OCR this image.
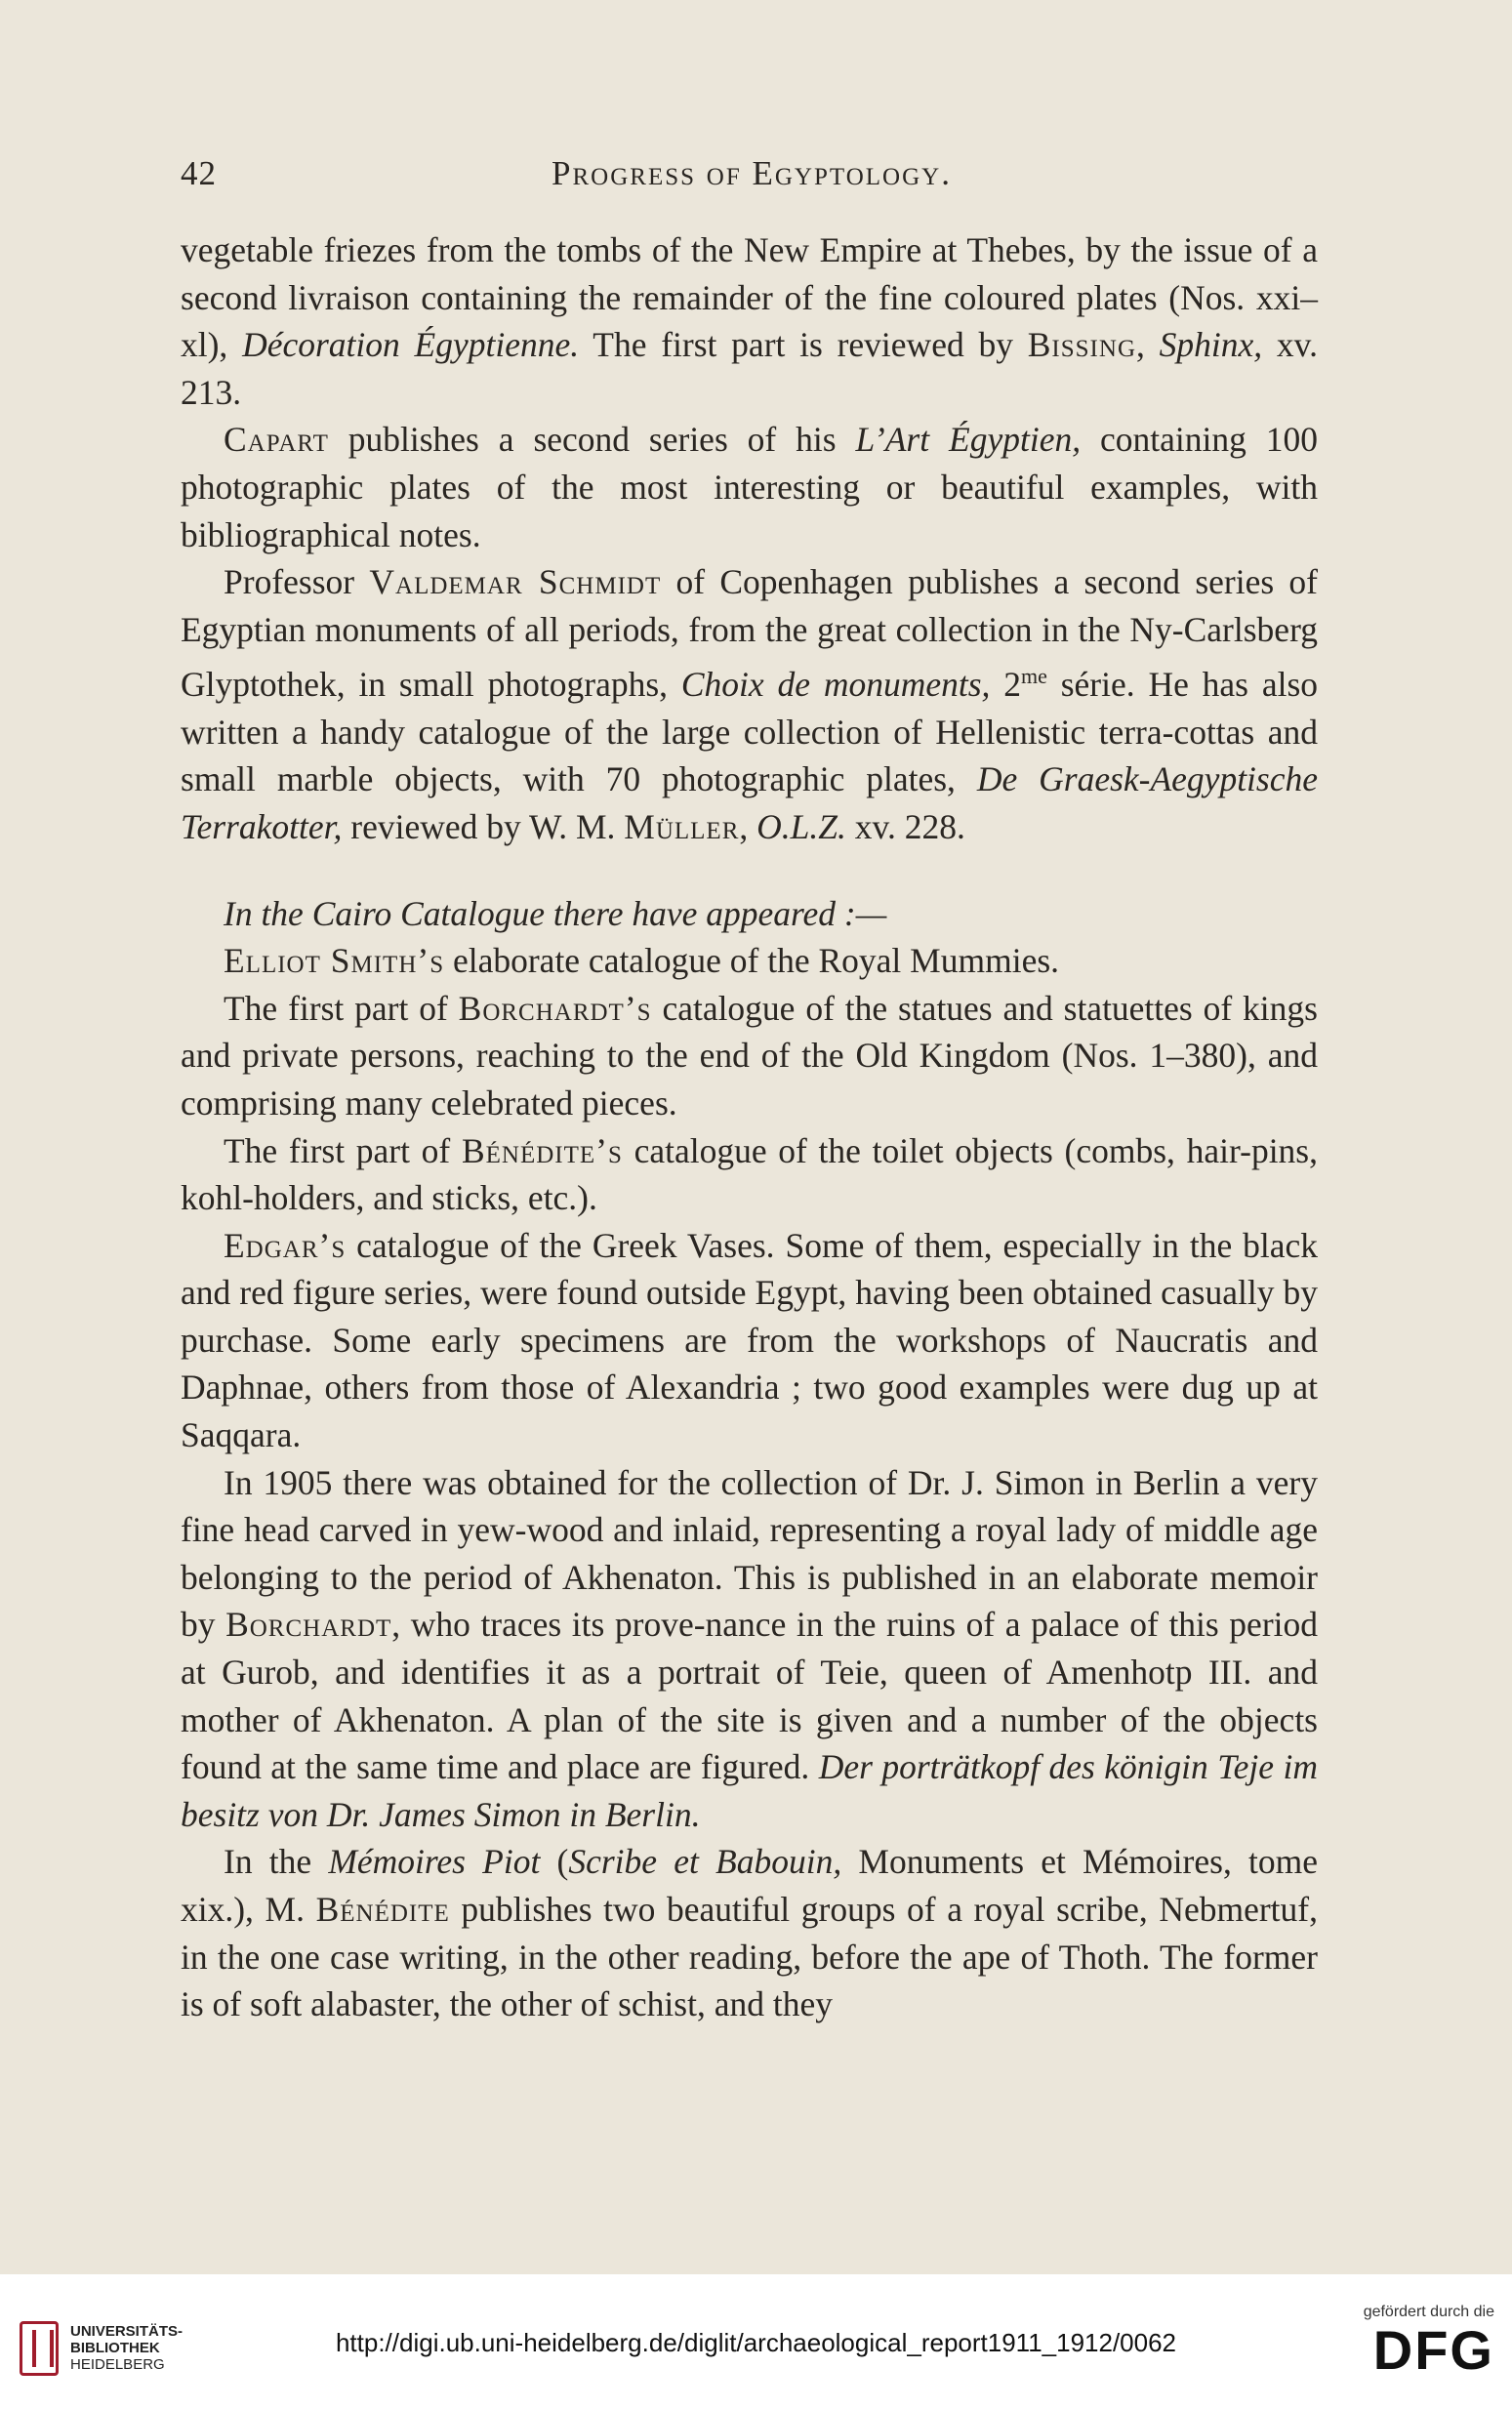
42	Progress of Egyptology.

vegetable friezes from the tombs of the New Empire at Thebes, by the issue of a second livraison containing the remainder of the fine coloured plates (Nos. xxi–xl), Décoration Égyptienne. The first part is reviewed by Bissing, Sphinx, xv. 213.

Capart publishes a second series of his L’Art Égyptien, containing 100 photographic plates of the most interesting or beautiful examples, with bibliographical notes.

Professor Valdemar Schmidt of Copenhagen publishes a second series of Egyptian monuments of all periods, from the great collection in the Ny-Carlsberg Glyptothek, in small photographs, Choix de monuments, $2^{me}$ série. He has also written a handy catalogue of the large collection of Hellenistic terra-cottas and small marble objects, with 70 photographic plates, De Graesk-Aegyptische Terrakotter, reviewed by W. M. Müller, O.L.Z. xv. 228.

In the Cairo Catalogue there have appeared :—

Elliot Smith’s elaborate catalogue of the Royal Mummies.

The first part of Borchardt’s catalogue of the statues and statuettes of kings and private persons, reaching to the end of the Old Kingdom (Nos. 1–380), and comprising many celebrated pieces.

The first part of Bénédite’s catalogue of the toilet objects (combs, hair-pins, kohl-holders, and sticks, etc.).

Edgar’s catalogue of the Greek Vases. Some of them, especially in the black and red figure series, were found outside Egypt, having been obtained casually by purchase. Some early specimens are from the workshops of Naucratis and Daphnae, others from those of Alexandria ; two good examples were dug up at Saqqara.

In 1905 there was obtained for the collection of Dr. J. Simon in Berlin a very fine head carved in yew-wood and inlaid, representing a royal lady of middle age belonging to the period of Akhenaton. This is published in an elaborate memoir by Borchardt, who traces its prove-nance in the ruins of a palace of this period at Gurob, and identifies it as a portrait of Teie, queen of Amenhotp III. and mother of Akhenaton. A plan of the site is given and a number of the objects found at the same time and place are figured. Der porträtkopf des königin Teje im besitz von Dr. James Simon in Berlin.

In the Mémoires Piot (Scribe et Babouin, Monuments et Mémoires, tome xix.), M. Bénédite publishes two beautiful groups of a royal scribe, Nebmertuf, in the one case writing, in the other reading, before the ape of Thoth. The former is of soft alabaster, the other of schist, and they

UNIVERSITÄTS-
BIBLIOTHEK
HEIDELBERG
http://digi.ub.uni-heidelberg.de/diglit/archaeological_report1911_1912/0062
gefördert durch die
DFG
